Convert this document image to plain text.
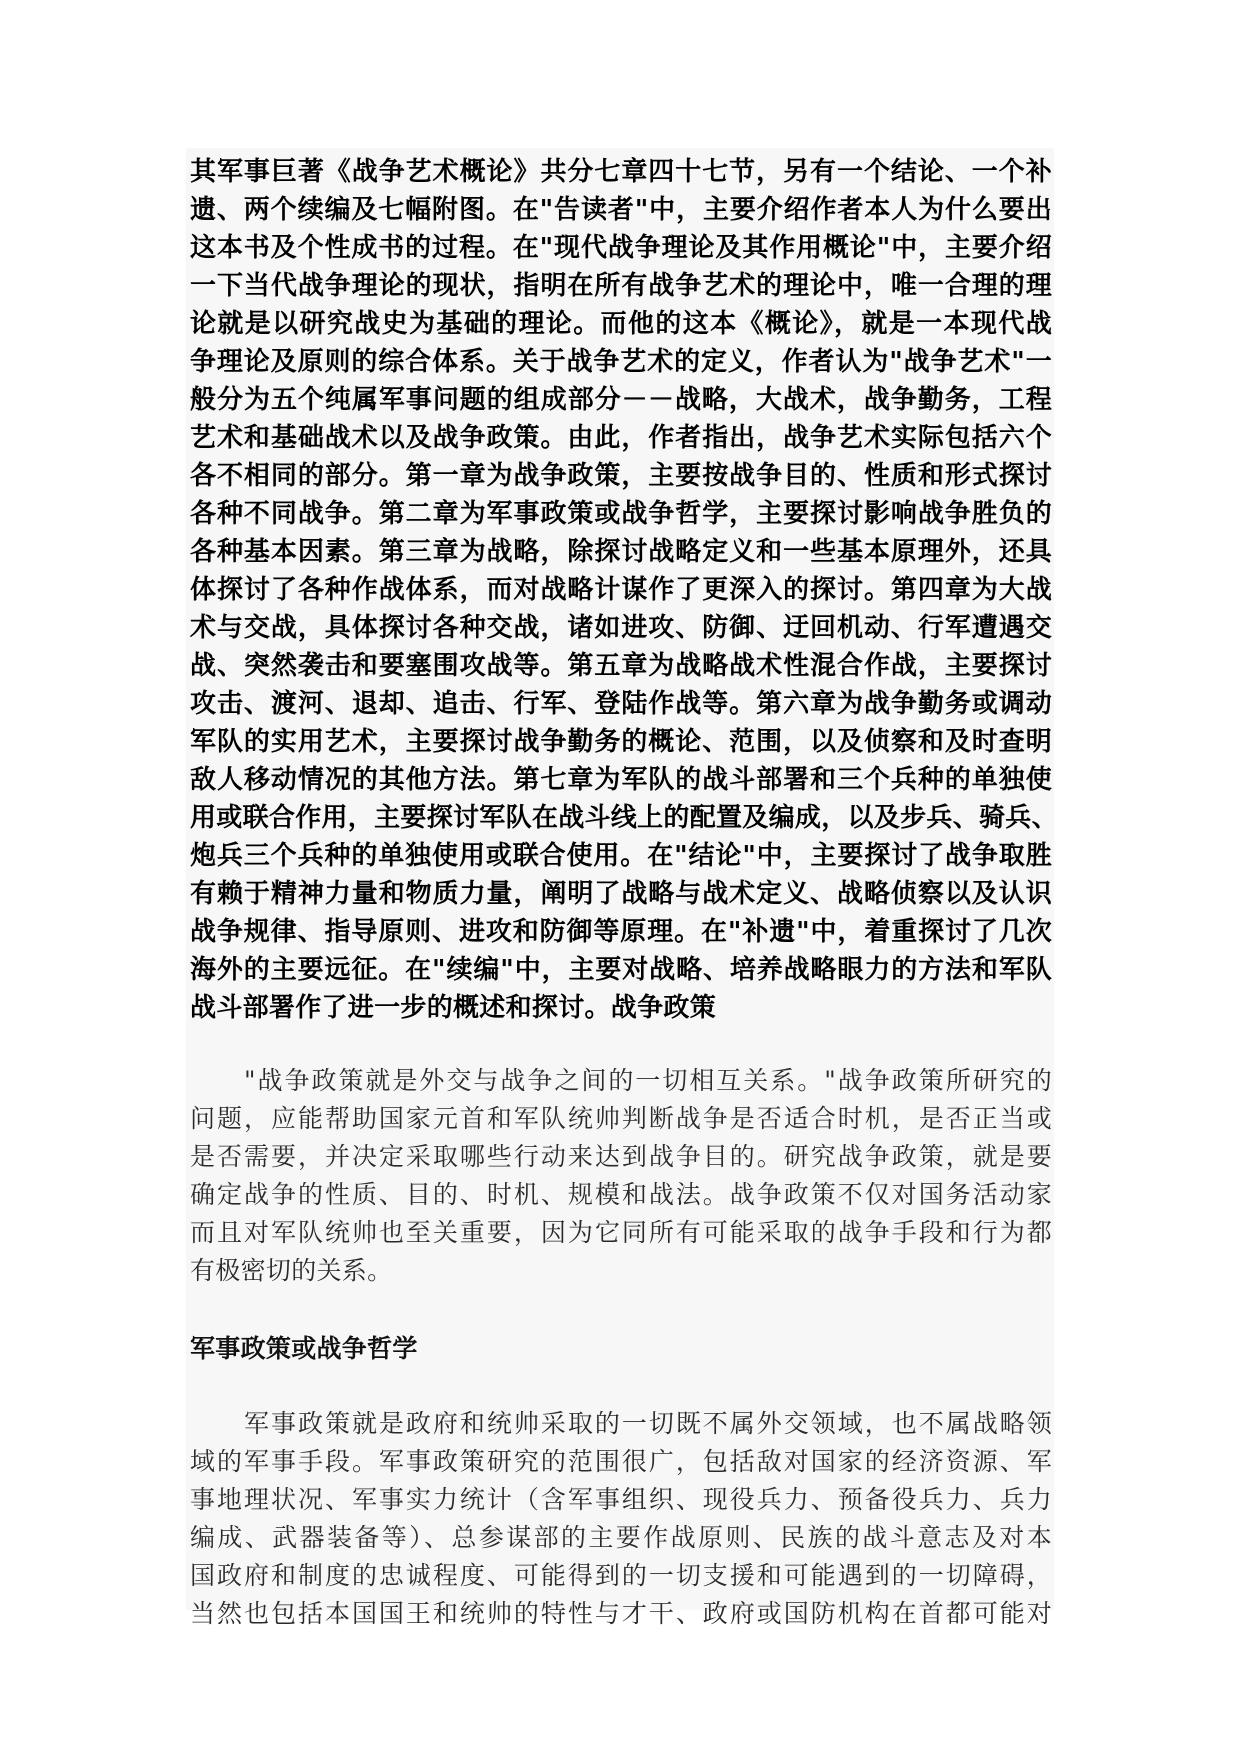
其军事巨著《战争艺术概论》共分七章四十七节，另有一个结论、一个补

遗、两个续编及七幅附图。在"告读者"中，主要介绍作者本人为什么要出

这本书及个性成书的过程。在"现代战争理论及其作用概论"中，主要介绍

一下当代战争理论的现状，指明在所有战争艺术的理论中，唯一合理的理

论就是以研究战史为基础的理论。而他的这本《概论》，就是一本现代战

争理论及原则的综合体系。关于战争艺术的定义，作者认为"战争艺术"一

般分为五个纯属军事问题的组成部分－－战略，大战术，战争勤务，工程

艺术和基础战术以及战争政策。由此，作者指出，战争艺术实际包括六个

各不相同的部分。第一章为战争政策，主要按战争目的、性质和形式探讨

各种不同战争。第二章为军事政策或战争哲学，主要探讨影响战争胜负的

各种基本因素。第三章为战略，除探讨战略定义和一些基本原理外，还具

体探讨了各种作战体系，而对战略计谋作了更深入的探讨。第四章为大战

术与交战，具体探讨各种交战，诸如进攻、防御、迂回机动、行军遭遇交

战、突然袭击和要塞围攻战等。第五章为战略战术性混合作战，主要探讨

攻击、渡河、退却、追击、行军、登陆作战等。第六章为战争勤务或调动

军队的实用艺术，主要探讨战争勤务的概论、范围，以及侦察和及时查明

敌人移动情况的其他方法。第七章为军队的战斗部署和三个兵种的单独使

用或联合作用，主要探讨军队在战斗线上的配置及编成，以及步兵、骑兵、

炮兵三个兵种的单独使用或联合使用。在"结论"中，主要探讨了战争取胜

有赖于精神力量和物质力量，阐明了战略与战术定义、战略侦察以及认识

战争规律、指导原则、进攻和防御等原理。在"补遗"中，着重探讨了几次

海外的主要远征。在"续编"中，主要对战略、培养战略眼力的方法和军队

战斗部署作了进一步的概述和探讨。战争政策

　　"战争政策就是外交与战争之间的一切相互关系。"战争政策所研究的

问题，应能帮助国家元首和军队统帅判断战争是否适合时机，是否正当或

是否需要，并决定采取哪些行动来达到战争目的。研究战争政策，就是要

确定战争的性质、目的、时机、规模和战法。战争政策不仅对国务活动家

而且对军队统帅也至关重要，因为它同所有可能采取的战争手段和行为都

有极密切的关系。

军事政策或战争哲学

　　军事政策就是政府和统帅采取的一切既不属外交领域，也不属战略领

域的军事手段。军事政策研究的范围很广，包括敌对国家的经济资源、军

事地理状况、军事实力统计（含军事组织、现役兵力、预备役兵力、兵力

编成、武器装备等）、总参谋部的主要作战原则、民族的战斗意志及对本

国政府和制度的忠诚程度、可能得到的一切支援和可能遇到的一切障碍，

当然也包括本国国王和统帅的特性与才干、政府或国防机构在首都可能对
